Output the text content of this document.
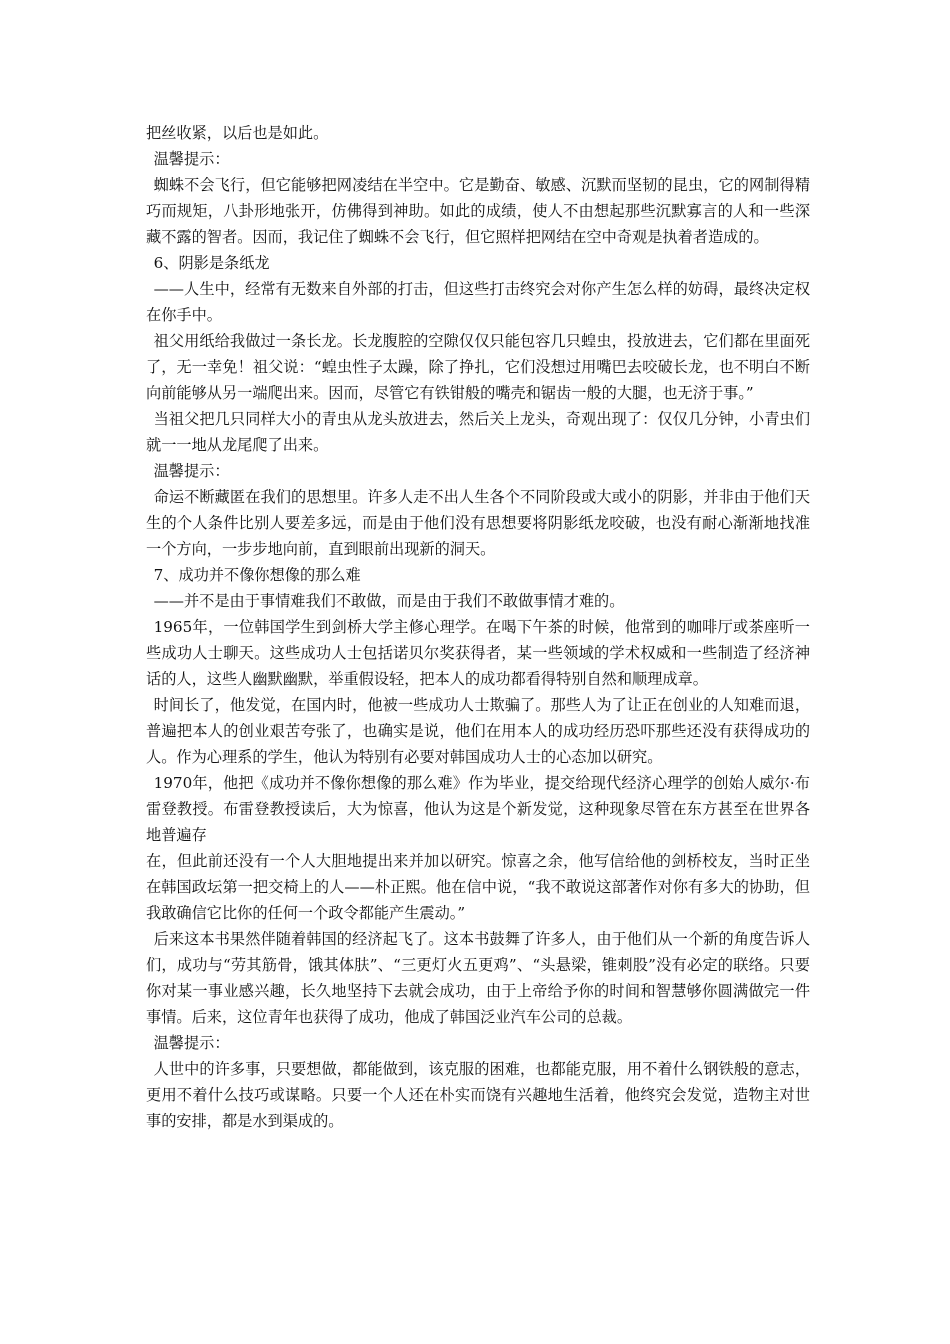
把丝收紧，以后也是如此。

温馨提示：

蜘蛛不会飞行，但它能够把网凌结在半空中。它是勤奋、敏感、沉默而坚韧的昆虫，它的网制得精巧而规矩，八卦形地张开，仿佛得到神助。如此的成绩，使人不由想起那些沉默寡言的人和一些深藏不露的智者。因而，我记住了蜘蛛不会飞行，但它照样把网结在空中奇观是执着者造成的。

6、阴影是条纸龙

——人生中，经常有无数来自外部的打击，但这些打击终究会对你产生怎么样的妨碍，最终决定权在你手中。

祖父用纸给我做过一条长龙。长龙腹腔的空隙仅仅只能包容几只蝗虫，投放进去，它们都在里面死了，无一幸免！祖父说：“蝗虫性子太躁，除了挣扎，它们没想过用嘴巴去咬破长龙，也不明白不断向前能够从另一端爬出来。因而，尽管它有铁钳般的嘴壳和锯齿一般的大腿，也无济于事。”

当祖父把几只同样大小的青虫从龙头放进去，然后关上龙头，奇观出现了：仅仅几分钟，小青虫们就一一地从龙尾爬了出来。

温馨提示：

命运不断藏匿在我们的思想里。许多人走不出人生各个不同阶段或大或小的阴影，并非由于他们天生的个人条件比别人要差多远，而是由于他们没有思想要将阴影纸龙咬破，也没有耐心渐渐地找准一个方向，一步步地向前，直到眼前出现新的洞天。

7、成功并不像你想像的那么难

——并不是由于事情难我们不敢做，而是由于我们不敢做事情才难的。

1965年，一位韩国学生到剑桥大学主修心理学。在喝下午茶的时候，他常到的咖啡厅或茶座听一些成功人士聊天。这些成功人士包括诺贝尔奖获得者，某一些领域的学术权威和一些制造了经济神话的人，这些人幽默幽默，举重假设轻，把本人的成功都看得特别自然和顺理成章。

时间长了，他发觉，在国内时，他被一些成功人士欺骗了。那些人为了让正在创业的人知难而退，普遍把本人的创业艰苦夸张了，也确实是说，他们在用本人的成功经历恐吓那些还没有获得成功的人。作为心理系的学生，他认为特别有必要对韩国成功人士的心态加以研究。

1970年，他把《成功并不像你想像的那么难》作为毕业，提交给现代经济心理学的创始人威尔·布雷登教授。布雷登教授读后，大为惊喜，他认为这是个新发觉，这种现象尽管在东方甚至在世界各地普遍存

在，但此前还没有一个人大胆地提出来并加以研究。惊喜之余，他写信给他的剑桥校友，当时正坐在韩国政坛第一把交椅上的人——朴正熙。他在信中说，“我不敢说这部著作对你有多大的协助，但我敢确信它比你的任何一个政令都能产生震动。”

后来这本书果然伴随着韩国的经济起飞了。这本书鼓舞了许多人，由于他们从一个新的角度告诉人们，成功与“劳其筋骨，饿其体肤”、“三更灯火五更鸡”、“头悬梁，锥刺股”没有必定的联络。只要你对某一事业感兴趣，长久地坚持下去就会成功，由于上帝给予你的时间和智慧够你圆满做完一件事情。后来，这位青年也获得了成功，他成了韩国泛业汽车公司的总裁。

温馨提示：

人世中的许多事，只要想做，都能做到，该克服的困难，也都能克服，用不着什么钢铁般的意志，更用不着什么技巧或谋略。只要一个人还在朴实而饶有兴趣地生活着，他终究会发觉，造物主对世事的安排，都是水到渠成的。
